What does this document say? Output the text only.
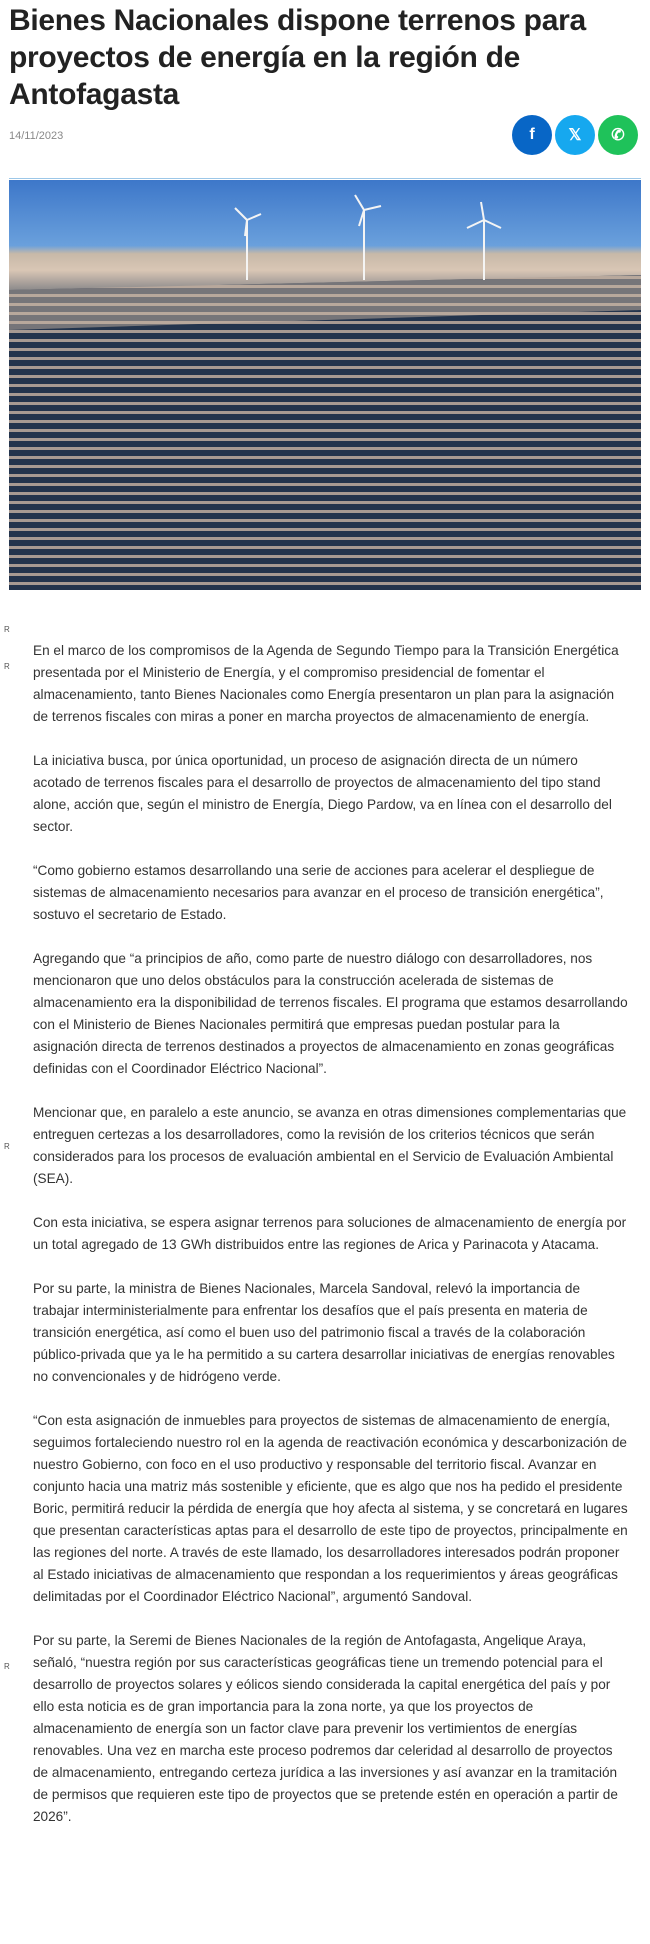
Bienes Nacionales dispone terrenos para proyectos de energía en la región de Antofagasta
14/11/2023	f 𝕏 ✆
R
R
R
R

En el marco de los compromisos de la Agenda de Segundo Tiempo para la Transición Energética presentada por el Ministerio de Energía, y el compromiso presidencial de fomentar el almacenamiento, tanto Bienes Nacionales como Energía presentaron un plan para la asignación de terrenos fiscales con miras a poner en marcha proyectos de almacenamiento de energía.

La iniciativa busca, por única oportunidad, un proceso de asignación directa de un número acotado de terrenos fiscales para el desarrollo de proyectos de almacenamiento del tipo stand alone, acción que, según el ministro de Energía, Diego Pardow, va en línea con el desarrollo del sector.

“Como gobierno estamos desarrollando una serie de acciones para acelerar el despliegue de sistemas de almacenamiento necesarios para avanzar en el proceso de transición energética”, sostuvo el secretario de Estado.

Agregando que “a principios de año, como parte de nuestro diálogo con desarrolladores, nos mencionaron que uno delos obstáculos para la construcción acelerada de sistemas de almacenamiento era la disponibilidad de terrenos fiscales. El programa que estamos desarrollando con el Ministerio de Bienes Nacionales permitirá que empresas puedan postular para la asignación directa de terrenos destinados a proyectos de almacenamiento en zonas geográficas definidas con el Coordinador Eléctrico Nacional”.

Mencionar que, en paralelo a este anuncio, se avanza en otras dimensiones complementarias que entreguen certezas a los desarrolladores, como la revisión de los criterios técnicos que serán considerados para los procesos de evaluación ambiental en el Servicio de Evaluación Ambiental (SEA).

Con esta iniciativa, se espera asignar terrenos para soluciones de almacenamiento de energía por un total agregado de 13 GWh distribuidos entre las regiones de Arica y Parinacota y Atacama.

Por su parte, la ministra de Bienes Nacionales, Marcela Sandoval, relevó la importancia de trabajar interministerialmente para enfrentar los desafíos que el país presenta en materia de transición energética, así como el buen uso del patrimonio fiscal a través de la colaboración público-privada que ya le ha permitido a su cartera desarrollar iniciativas de energías renovables no convencionales y de hidrógeno verde.

“Con esta asignación de inmuebles para proyectos de sistemas de almacenamiento de energía, seguimos fortaleciendo nuestro rol en la agenda de reactivación económica y descarbonización de nuestro Gobierno, con foco en el uso productivo y responsable del territorio fiscal. Avanzar en conjunto hacia una matriz más sostenible y eficiente, que es algo que nos ha pedido el presidente Boric, permitirá reducir la pérdida de energía que hoy afecta al sistema, y se concretará en lugares que presentan características aptas para el desarrollo de este tipo de proyectos, principalmente en las regiones del norte. A través de este llamado, los desarrolladores interesados podrán proponer al Estado iniciativas de almacenamiento que respondan a los requerimientos y áreas geográficas delimitadas por el Coordinador Eléctrico Nacional”, argumentó Sandoval.

Por su parte, la Seremi de Bienes Nacionales de la región de Antofagasta, Angelique Araya, señaló, “nuestra región por sus características geográficas tiene un tremendo potencial para el desarrollo de proyectos solares y eólicos siendo considerada la capital energética del país y por ello esta noticia es de gran importancia para la zona norte, ya que los proyectos de almacenamiento de energía son un factor clave para prevenir los vertimientos de energías renovables. Una vez en marcha este proceso podremos dar celeridad al desarrollo de proyectos de almacenamiento, entregando certeza jurídica a las inversiones y así avanzar en la tramitación de permisos que requieren este tipo de proyectos que se pretende estén en operación a partir de 2026”.
